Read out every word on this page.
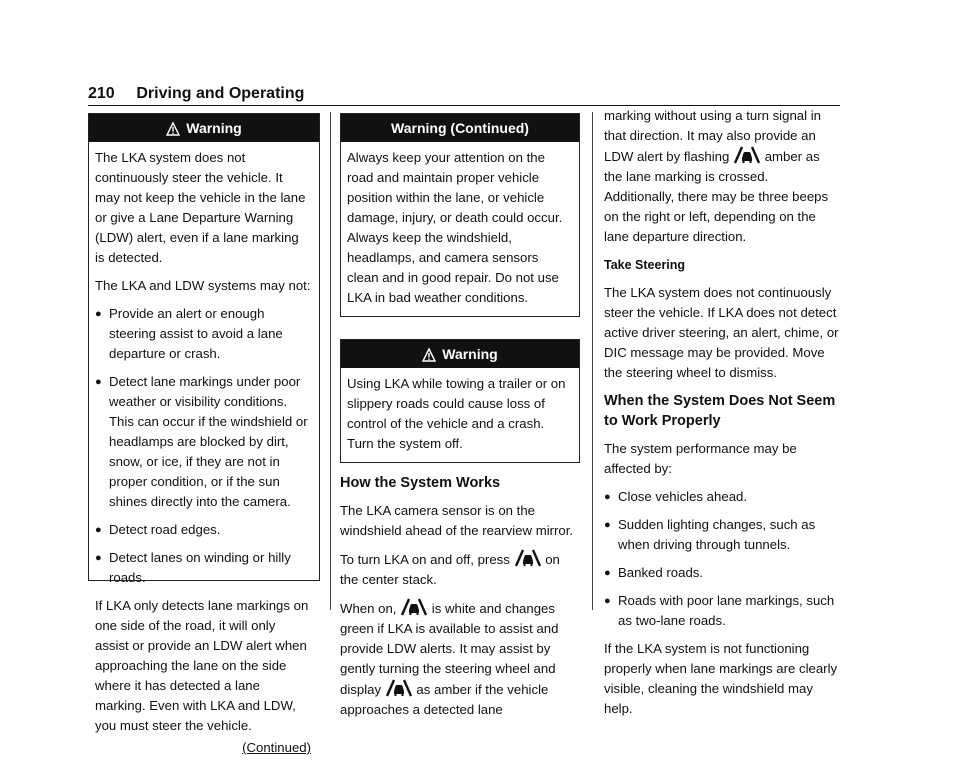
210 Driving and Operating
Warning

The LKA system does not continuously steer the vehicle. It may not keep the vehicle in the lane or give a Lane Departure Warning (LDW) alert, even if a lane marking is detected.

The LKA and LDW systems may not:

● Provide an alert or enough steering assist to avoid a lane departure or crash.
● Detect lane markings under poor weather or visibility conditions. This can occur if the windshield or headlamps are blocked by dirt, snow, or ice, if they are not in proper condition, or if the sun shines directly into the camera.
● Detect road edges.
● Detect lanes on winding or hilly roads.

If LKA only detects lane markings on one side of the road, it will only assist or provide an LDW alert when approaching the lane on the side where it has detected a lane marking. Even with LKA and LDW, you must steer the vehicle.

(Continued)
Warning (Continued)

Always keep your attention on the road and maintain proper vehicle position within the lane, or vehicle damage, injury, or death could occur. Always keep the windshield, headlamps, and camera sensors clean and in good repair. Do not use LKA in bad weather conditions.

Warning

Using LKA while towing a trailer or on slippery roads could cause loss of control of the vehicle and a crash. Turn the system off.

How the System Works

The LKA camera sensor is on the windshield ahead of the rearview mirror.

To turn LKA on and off, press	on the center stack.

When on,	is white and changes green if LKA is available to assist and provide LDW alerts. It may assist by gently turning the steering wheel and display	as amber if the vehicle approaches a detected lane

marking without using a turn signal in that direction. It may also provide an LDW alert by flashing	amber as the lane marking is crossed. Additionally, there may be three beeps on the right or left, depending on the lane departure direction.

Take Steering

The LKA system does not continuously steer the vehicle. If LKA does not detect active driver steering, an alert, chime, or DIC message may be provided. Move the steering wheel to dismiss.

When the System Does Not Seem to Work Properly

The system performance may be affected by:

● Close vehicles ahead.
● Sudden lighting changes, such as when driving through tunnels.
● Banked roads.
● Roads with poor lane markings, such as two-lane roads.

If the LKA system is not functioning properly when lane markings are clearly visible, cleaning the windshield may help.
